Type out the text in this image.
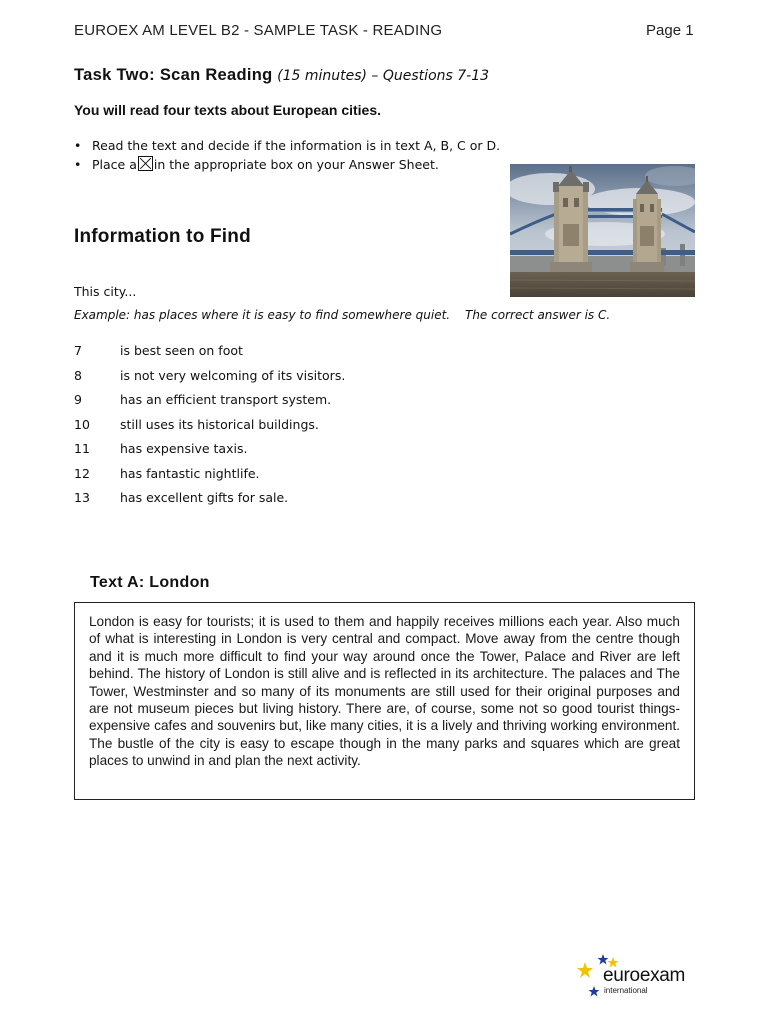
EUROEX AM LEVEL B2 - SAMPLE TASK - READING	Page 1
Task Two: Scan Reading (15 minutes) – Questions 7-13
You will read four texts about European cities.
• Read the text and decide if the information is in text A, B, C or D.
• Place a☒in the appropriate box on your Answer Sheet.
Information to Find
This city...
Example: has places where it is easy to find somewhere quiet. The correct answer is C.
7	is best seen on foot
8	is not very welcoming of its visitors.
9	has an efficient transport system.
10 still uses its historical buildings.
11 has expensive taxis.
12 has fantastic nightlife.
13 has excellent gifts for sale.
Text A: London

London is easy for tourists; it is used to them and happily receives millions each year. Also much of what is interesting in London is very central and compact. Move away from the centre though and it is much more difficult to find your way around once the Tower, Palace and River are left behind. The history of London is still alive and is reflected in its architecture. The palaces and The Tower, Westminster and so many of its monuments are still used for their original purposes and are not museum pieces but living history. There are, of course, some not so good tourist things- expensive cafes and souvenirs but, like many cities, it is a lively and thriving working environment. The bustle of the city is easy to escape though in the many parks and squares which are great places to unwind in and plan the next activity.

euroexam
international
